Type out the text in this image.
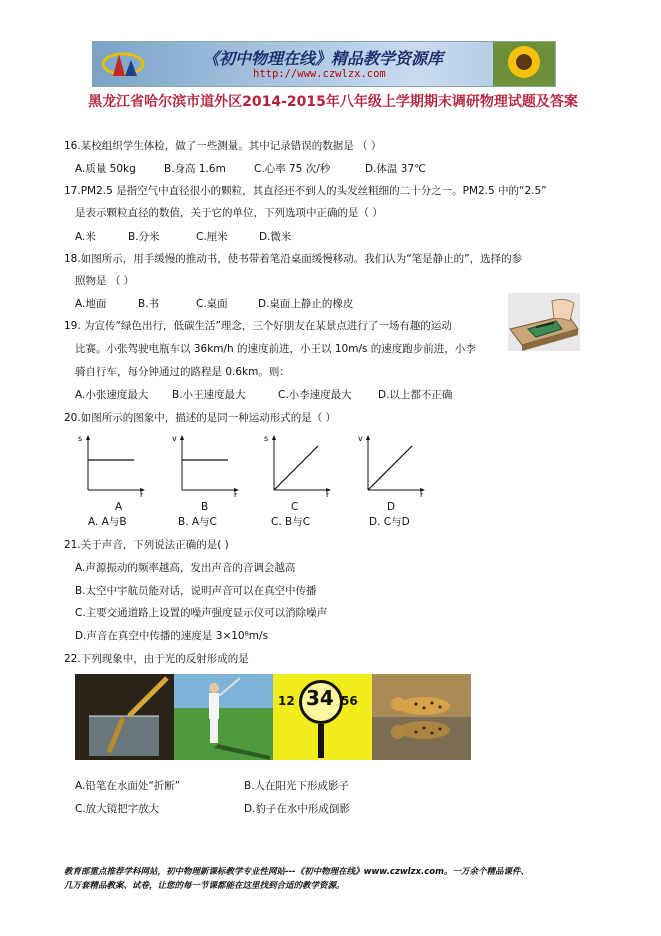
《初中物理在线》精品教学资源库
http://www.czwlzx.com
黑龙江省哈尔滨市道外区2014-2015年八年级上学期期末调研物理试题及答案
16.某校组织学生体检，做了一些测量。其中记录错误的数据是 （ ）
A.质量 50kg	B.身高 1.6m	C.心率 75 次/秒	D.体温 37℃
17.PM2.5 是指空气中直径很小的颗粒，其直径还不到人的头发丝粗细的二十分之一。PM2.5 中的“2.5”
是表示颗粒直径的数值，关于它的单位，下列选项中正确的是（ ）
A.米	B.分米	C.厘米	D.微米
18.如图所示，用手缓慢的推动书，使书带着笔沿桌面缓慢移动。我们认为“笔是静止的”，选择的参
照物是 （ ）
A.地面	B.书	C.桌面	D.桌面上静止的橡皮
19. 为宣传“绿色出行，低碳生活”理念，三个好朋友在某景点进行了一场有趣的运动
比赛。小张驾驶电瓶车以 36km/h 的速度前进，小王以 10m/s 的速度跑步前进，小李
骑自行车，每分钟通过的路程是 0.6km。则：
A.小张速度最大 B.小王速度最大	C.小李速度最大	D.以上都不正确
20.如图所示的图象中，描述的是同一种运动形式的是（ ）
s
t
A
v
t
B
s
t
C
v
t
D
A. A与B	B. A与C	C. B与C	D. C与D
21.关于声音，下列说法正确的是( )
A.声源振动的频率越高，发出声音的音调会越高
B.太空中宇航员能对话，说明声音可以在真空中传播
C.主要交通道路上设置的噪声强度显示仪可以消除噪声
D.声音在真空中传播的速度是 3×10⁸m/s
22.下列现象中，由于光的反射形成的是
12 34 56
A.铅笔在水面处“折断”	B.人在阳光下形成影子
C.放大镜把字放大	D.豹子在水中形成倒影
教育部重点推荐学科网站，初中物理新课标教学专业性网站---《初中物理在线》www.czwlzx.com。一万余个精品课件、
几万套精品教案、试卷，让您的每一节课都能在这里找到合适的教学资源。
